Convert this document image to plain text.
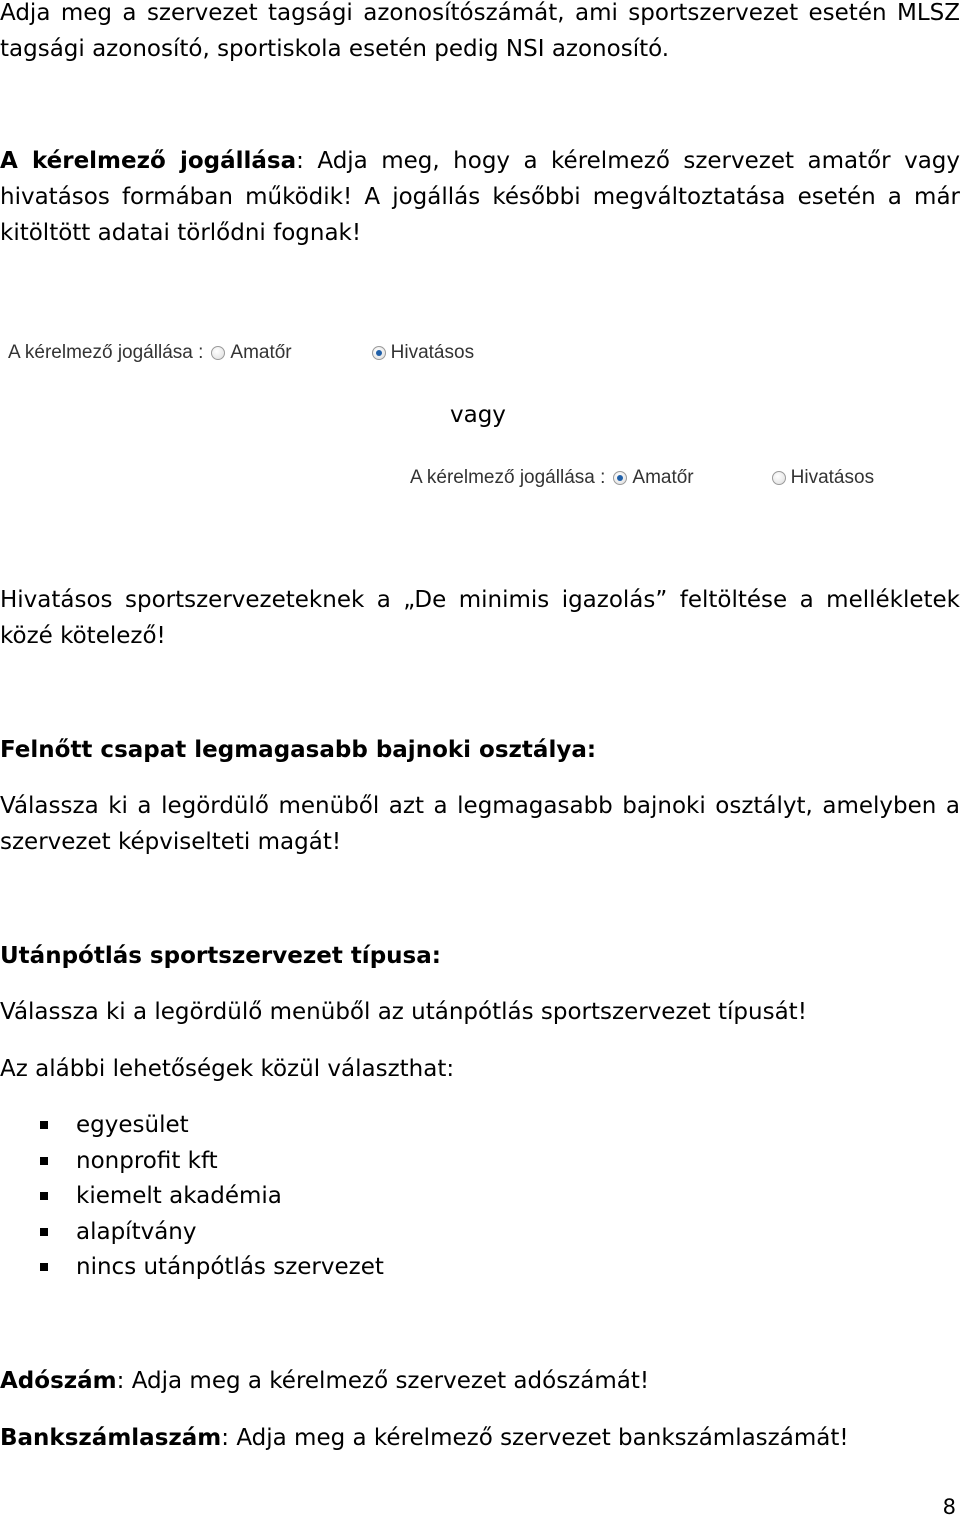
Adja meg a szervezet tagsági azonosítószámát, ami sportszervezet esetén MLSZ tagsági azonosító, sportiskola esetén pedig NSI azonosító.

A kérelmező jogállása: Adja meg, hogy a kérelmező szervezet amatőr vagy hivatásos formában működik! A jogállás későbbi megváltoztatása esetén a már kitöltött adatai törlődni fognak!

A kérelmező jogállása : Amatőr	Hivatásos
vagy
A kérelmező jogállása : Amatőr	Hivatásos

Hivatásos sportszervezeteknek a „De minimis igazolás” feltöltése a mellékletek közé kötelező!

Felnőtt csapat legmagasabb bajnoki osztálya:

Válassza ki a legördülő menüből azt a legmagasabb bajnoki osztályt, amelyben a szervezet képviselteti magát!

Utánpótlás sportszervezet típusa:

Válassza ki a legördülő menüből az utánpótlás sportszervezet típusát!

Az alábbi lehetőségek közül választhat:

egyesület
nonprofit kft
kiemelt akadémia
alapítvány
nincs utánpótlás szervezet

Adószám: Adja meg a kérelmező szervezet adószámát!

Bankszámlaszám: Adja meg a kérelmező szervezet bankszámlaszámát!

8
